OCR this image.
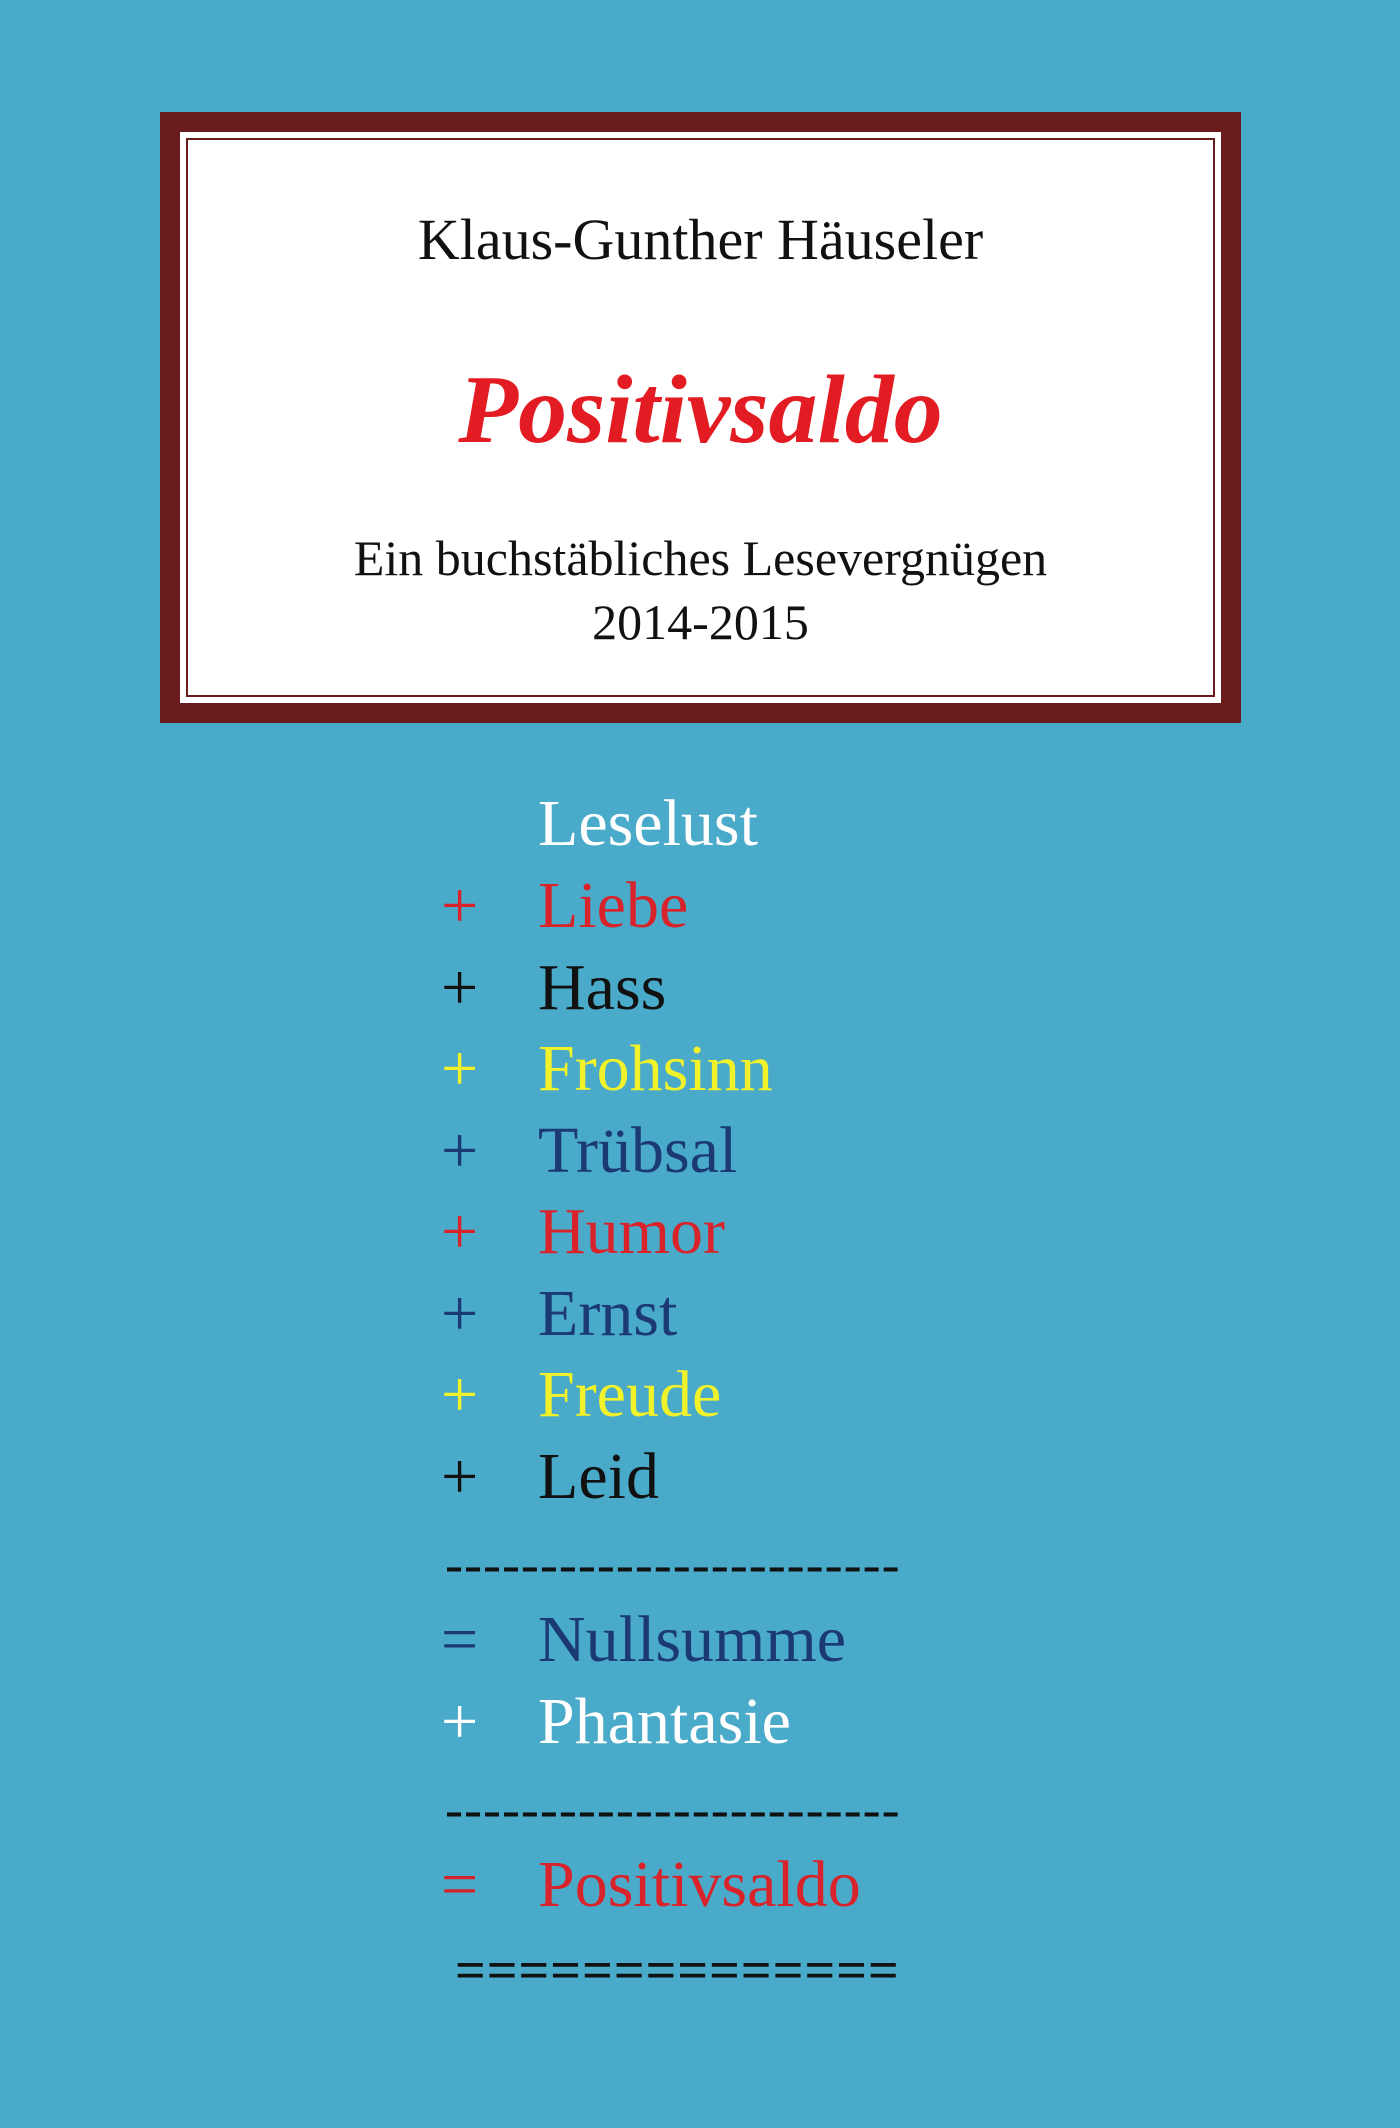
Klaus-Gunther Häuseler
Positivsaldo
Ein buchstäbliches Lesevergnügen
2014-2015
Leselust
+ Liebe
+ Hass
+ Frohsinn
+ Trübsal
+ Humor
+ Ernst
+ Freude
+ Leid
------------------------
= Nullsumme
+ Phantasie
------------------------
= Positivsaldo
==============
